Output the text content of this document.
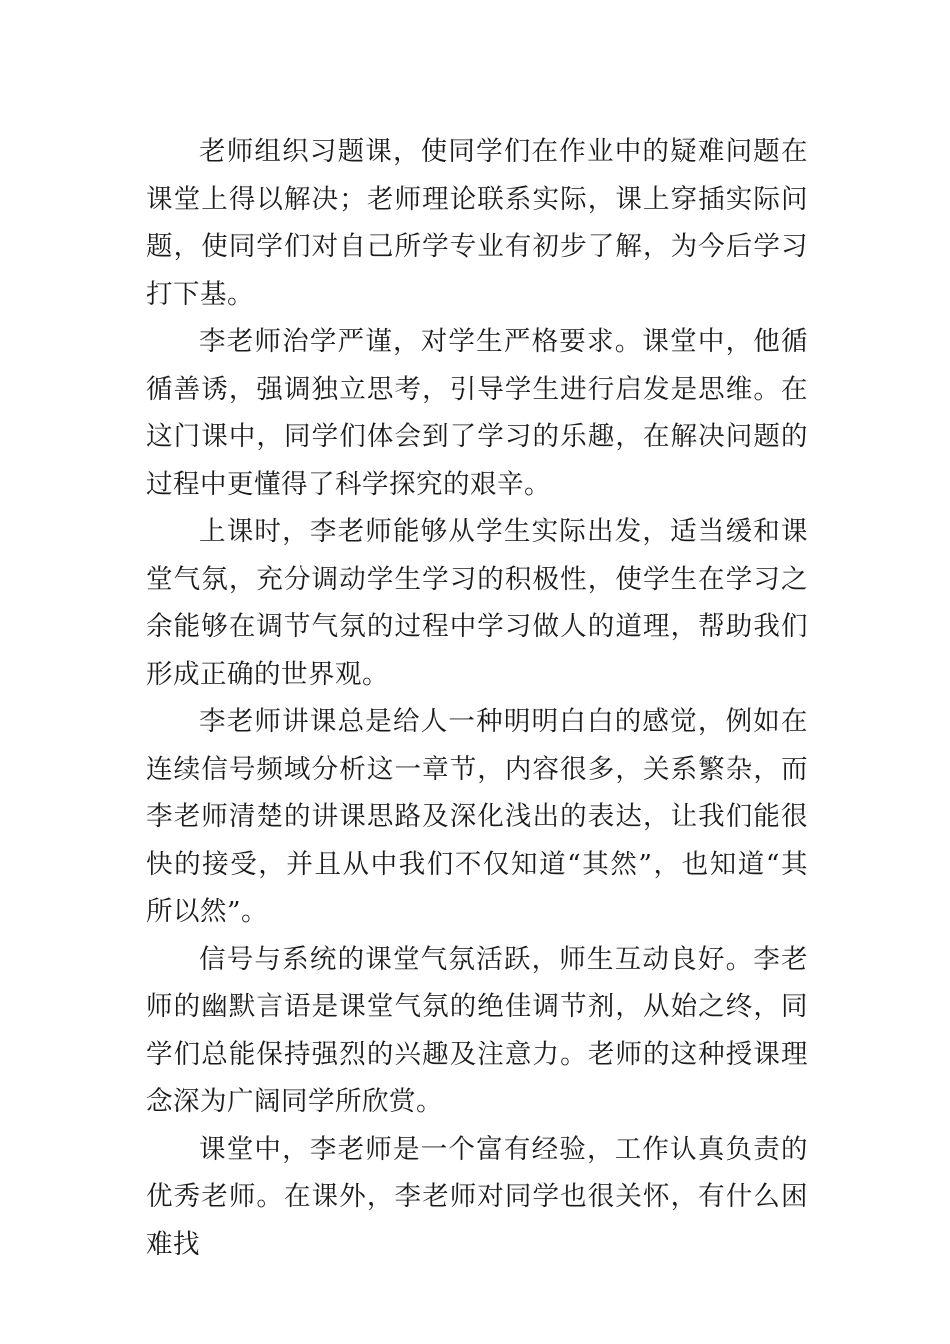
老师组织习题课，使同学们在作业中的疑难问题在课堂上得以解决；老师理论联系实际，课上穿插实际问题，使同学们对自己所学专业有初步了解，为今后学习打下基。

李老师治学严谨，对学生严格要求。课堂中，他循循善诱，强调独立思考，引导学生进行启发是思维。在这门课中，同学们体会到了学习的乐趣，在解决问题的过程中更懂得了科学探究的艰辛。

上课时，李老师能够从学生实际出发，适当缓和课堂气氛，充分调动学生学习的积极性，使学生在学习之余能够在调节气氛的过程中学习做人的道理，帮助我们形成正确的世界观。

李老师讲课总是给人一种明明白白的感觉，例如在连续信号频域分析这一章节，内容很多，关系繁杂，而李老师清楚的讲课思路及深化浅出的表达，让我们能很快的接受，并且从中我们不仅知道“其然”，也知道“其所以然”。

信号与系统的课堂气氛活跃，师生互动良好。李老师的幽默言语是课堂气氛的绝佳调节剂，从始之终，同学们总能保持强烈的兴趣及注意力。老师的这种授课理念深为广阔同学所欣赏。

课堂中，李老师是一个富有经验，工作认真负责的优秀老师。在课外，李老师对同学也很关怀，有什么困难找
